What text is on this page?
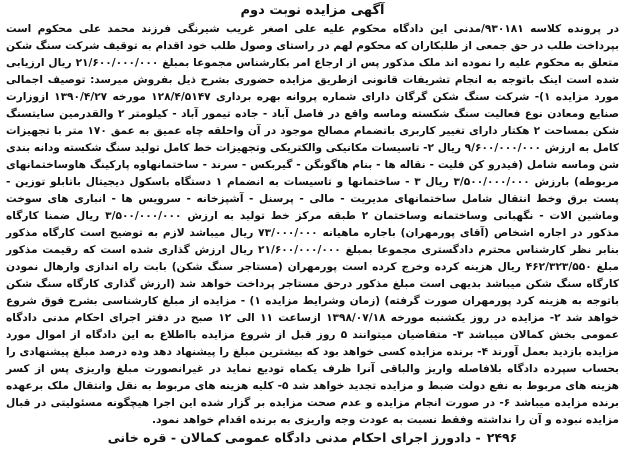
آگهی مزایده نوبت دوم

در پرونده کلاسه ۹۳۰۱۸۱/مدنی این دادگاه محکوم علیه علی اصغر غریب شیرنگی فرزند محمد علی محکوم است بپرداخت طلب در حق جمعی از طلبکاران که محکوم لهم در راستای وصول طلب خود اقدام به توقیف شرکت سنگ شکن متعلق به محکوم علیه را نموده اند ملک مذکور پس از ارجاع امر بکارشناس مجموعا بمبلغ ۲۱/۶۰۰/۰۰۰/۰۰۰ ریال ارزیابی شده است اینک باتوجه به انجام تشریفات قانونی ازطریق مزایده حضوری بشرح ذیل بفروش میرسد: توصیف اجمالی مورد مزایده ۱)- شرکت سنگ شکن گرگان دارای شماره پروانه بهره برداری ۱۲۸/۴/۵۱۴۷ مورخه ۱۳۹۰/۴/۲۷ ازوزارت صنایع ومعادن نوع فعالیت سنگ شکسته وماسه واقع در فاصل آباد - جاده تیمور آباد - کیلومتر ۲ والقدرمین سایتسنگ شکن بمساحت ۲ هکتار دارای تغییر کاربری باتضمام مصالح موجود در آن واحلقه چاه عمیق به عمق ۱۷۰ متر با تجهیزات کامل به ارزش ۹/۶۰۰/۰۰۰/۰۰۰ ریال ۲- تاسیسات مکانیکی والکتریکی وتجهیزات خط کامل تولید سنگ شکسته ودانه بندی شن وماسه شامل (فیدرو کن فلیت - نقاله ها - بنام هاگونگن - گیربکس - سرند - ساختمانهاوه پارکینگ هاوساختمانهای مربوطه) بارزش ۳/۵۰۰/۰۰۰/۰۰۰ ریال ۳ - ساختمانها و تاسیسات به انضمام ۱ دستگاه باسکول دیجیتال باتابلو توزین - پست برق وخط انتقال شامل ساختمانهای مدیریت - مالی - پرسنل - آشپزخانه - سرویس ها - انباری های سوخت وماشین الات - نگهبانی وساختمانه وساختمان ۲ طبقه مرکز خط تولید به ارزش ۳/۵۰۰/۰۰۰/۰۰۰ ریال ضمنا کارگاه مذکور در اجاره اشخاص (آقای پورمهران) باجاره ماهیانه ۷۳/۰۰۰/۰۰۰ ریال میباشد لازم به توضیح است کارگاه مذکور بنابر نظر کارشناس محترم دادگستری مجموعا بمبلغ ۲۱/۶۰۰/۰۰۰/۰۰۰ ریال ارزش گذاری شده است که رقیمت مذکور مبلغ ۴۶۲/۳۲۳/۵۵۰ ریال هزینه کرده وخرج کرده است پورمهران (مستاجر سنگ شکن) بابت راه اندازی وارهال نمودن کارگاه سنگ شکن میباشد بدیهی است مبلغ مذکور درحق مستاجر پرداخت خواهد شد (ارزش گذاری کارگاه سنگ شکن باتوجه به هزینه کرد پورمهران صورت گرفته) (زمان وشرایط مزایده ۱) - مزایده از مبلغ کارشناسی بشرح فوق شروع خواهد شد ۲- مزایده در روز یکشنبه مورخه ۱۳۹۸/۰۷/۱۸ ازساعت ۱۱ الی ۱۲ صبح در دفتر اجرای احکام مدنی دادگاه عمومی بخش کمالان میباشد ۳- متقاضیان میتوانند ۵ روز قبل از شروع مزایده بااطلاع به این دادگاه از اموال مورد مزایده بازدید بعمل آورند ۴- برنده مزایده کسی خواهد بود که بیشترین مبلغ را پیشنهاد دهد وده درصد مبلغ پیشنهادی را بحساب سپرده دادگاه بلافاصله واریز والباقی آنرا ظرف یکماه تودیع نماید در غیرانصورت مبلغ واریزی پس از کسر هزینه های مربوط به نفع دولت ضبط و مزایده تجدید خواهد شد ۵- کلیه هزینه های مربوط به نقل وانتقال ملک برعهده برنده مزایده میباشد ۶- در صورت انجام مزایده و عدم صحت مزایده بر گزار شده این اجرا هیچگونه مسئولیتی در قبال مزایده نبوده و آن را نداشته وفقط نسبت به عودت وجه واریزی به برنده اقدام خواهد نمود.

۲۴۹۶- دادورز اجرای احکام مدنی دادگاه عمومی کمالان - قره خانی
